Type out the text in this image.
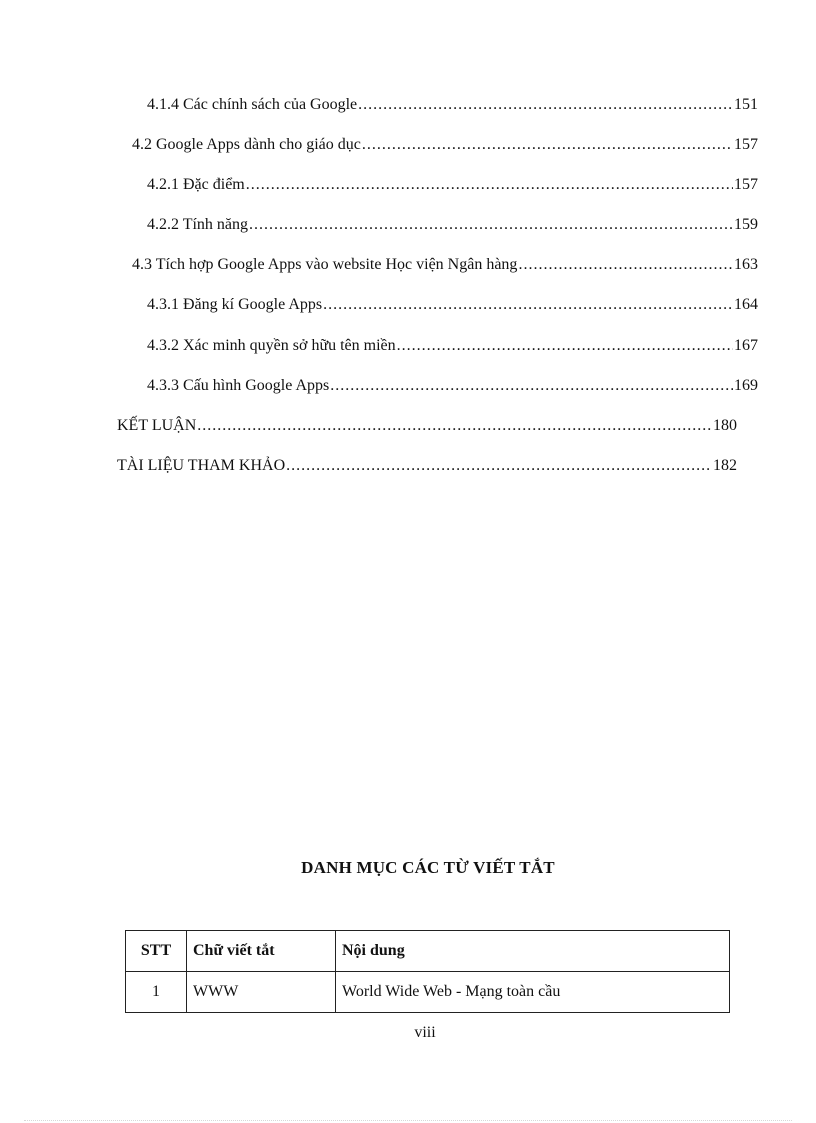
4.1.4 Các chính sách của Google .....	151
4.2 Google Apps dành cho giáo dục .....	157
4.2.1 Đặc điểm .....	157
4.2.2 Tính năng .....	159
4.3 Tích hợp Google Apps vào website Học viện Ngân hàng .....	163
4.3.1 Đăng kí Google Apps .....	164
4.3.2 Xác minh quyền sở hữu tên miền .....	167
4.3.3 Cấu hình Google Apps .....	169
KẾT LUẬN .....	180
TÀI LIỆU THAM KHẢO .....	182
DANH MỤC CÁC TỪ VIẾT TẮT
STT	Chữ viết tắt	Nội dung
1	WWW	World Wide Web - Mạng toàn cầu
viii
